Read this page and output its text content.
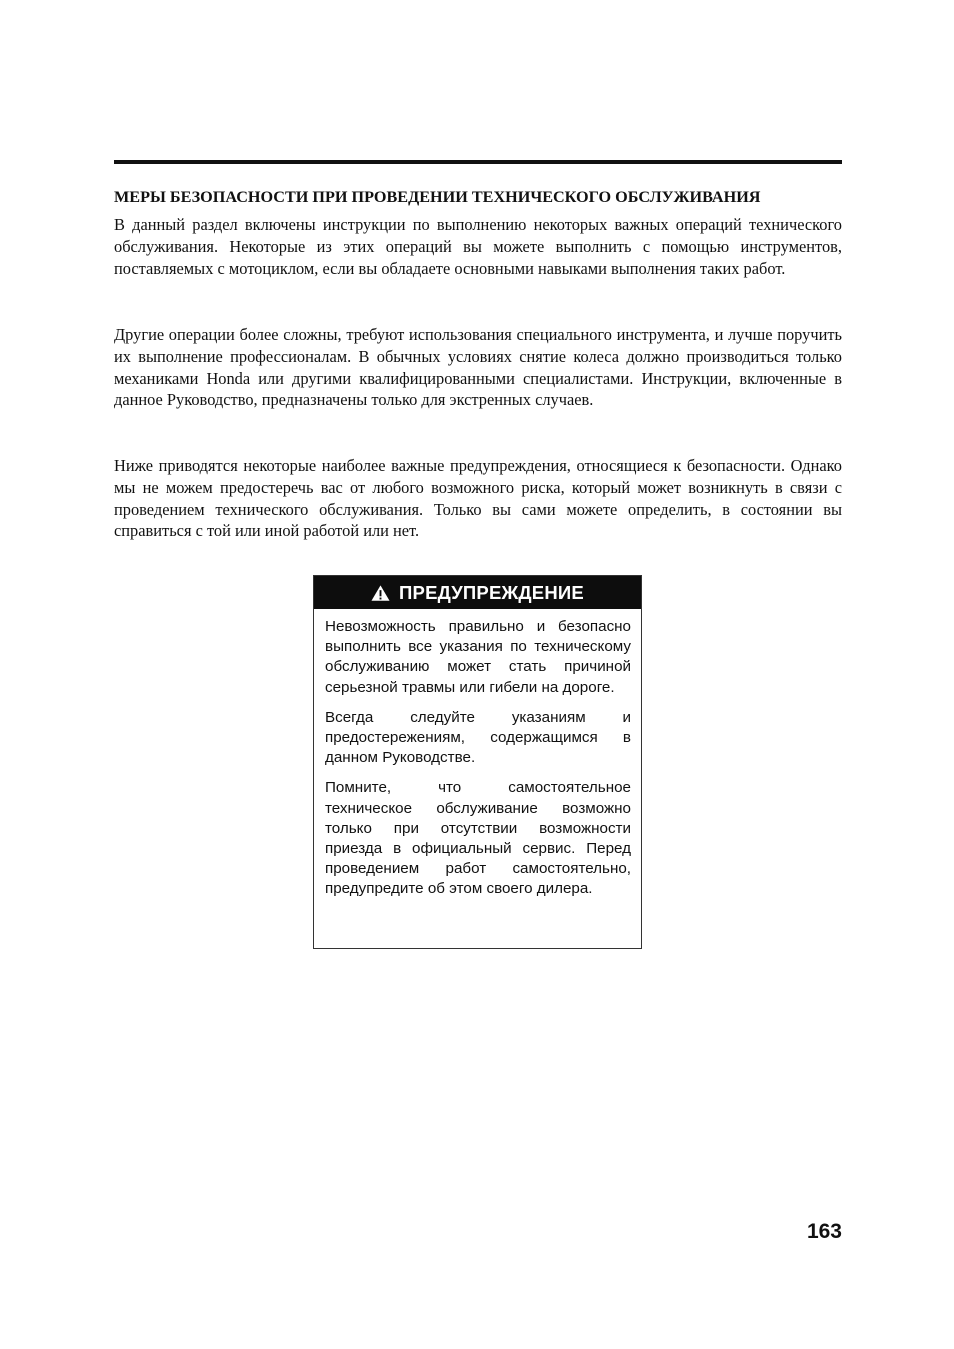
МЕРЫ БЕЗОПАСНОСТИ ПРИ ПРОВЕДЕНИИ ТЕХНИЧЕСКОГО ОБСЛУЖИВАНИЯ

В данный раздел включены инструкции по выполнению некоторых важных операций технического обслуживания. Некоторые из этих операций вы можете выполнить с помощью инструментов, поставляемых с мотоциклом, если вы обладаете основными навыками выполнения таких работ.

Другие операции более сложны, требуют использования специального инструмента, и лучше поручить их выполнение профессионалам. В обычных условиях снятие колеса должно производиться только механиками Honda или другими квалифицированными специалистами. Инструкции, включенные в данное Руководство, предназначены только для экстренных случаев.

Ниже приводятся некоторые наиболее важные предупреждения, относящиеся к безопасности. Однако мы не можем предостеречь вас от любого возможного риска, который может возникнуть в связи с проведением технического обслуживания. Только вы сами можете определить, в состоянии вы справиться с той или иной работой или нет.

ПРЕДУПРЕЖДЕНИЕ

Невозможность правильно и безопасно выполнить все указания по техническому обслуживанию может стать причиной серьезной травмы или гибели на дороге.

Всегда следуйте указаниям и предостережениям, содержащимся в данном Руководстве.

Помните, что самостоятельное техническое обслуживание возможно только при отсутствии возможности приезда в официальный сервис. Перед проведением работ самостоятельно, предупредите об этом своего дилера.

163
